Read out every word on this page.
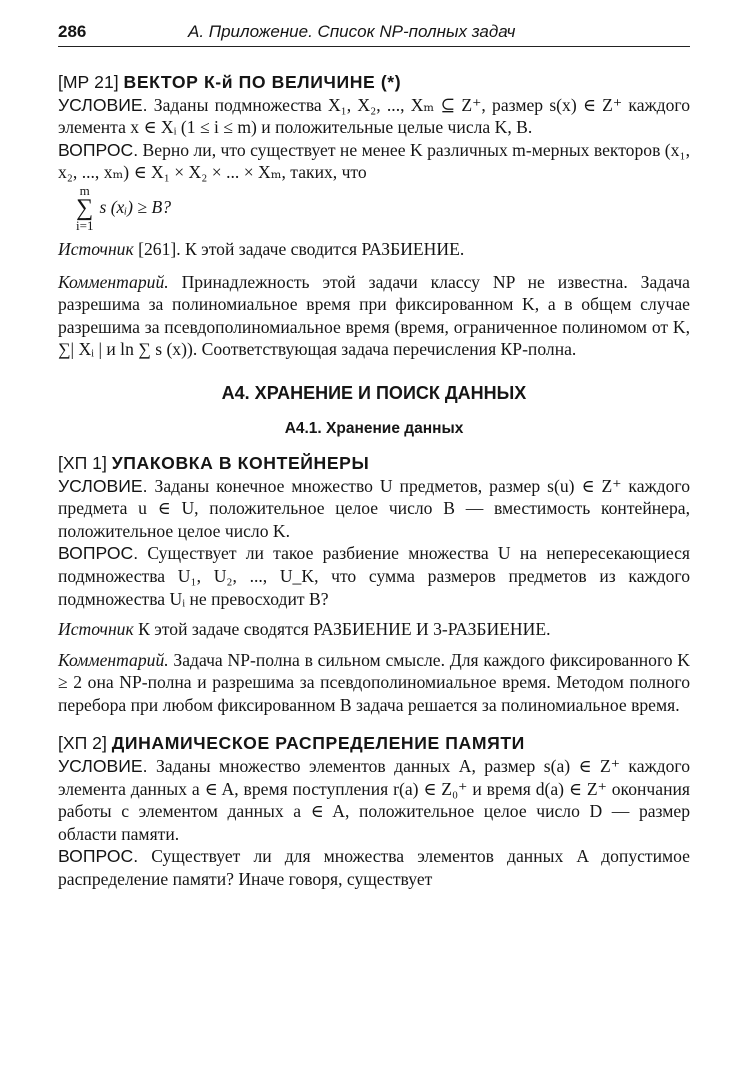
286	А. Приложение. Список NP-полных задач
[МР 21] ВЕКТОР К-й ПО ВЕЛИЧИНЕ (*)

УСЛОВИЕ. Заданы подмножества X₁, X₂, ..., Xₘ ⊆ Z⁺, размер s(x) ∈ Z⁺ каждого элемента x ∈ Xᵢ (1 ≤ i ≤ m) и положительные целые числа K, B.

ВОПРОС. Верно ли, что существует не менее K различных m-мерных векторов (x₁, x₂, ..., xₘ) ∈ X₁ × X₂ × ... × Xₘ, таких, что

m
∑
i=1
s (xᵢ) ≥ B?

Источник [261]. К этой задаче сводится РАЗБИЕНИЕ.

Комментарий. Принадлежность этой задачи классу NP не известна. Задача разрешима за полиномиальное время при фиксированном K, а в общем случае разрешима за псевдополиномиальное время (время, ограниченное полиномом от K, ∑| Xᵢ | и ln ∑ s (x)). Соответствующая задача перечисления КР-полна.

А4. ХРАНЕНИЕ И ПОИСК ДАННЫХ
А4.1. Хранение данных
[ХП 1] УПАКОВКА В КОНТЕЙНЕРЫ

УСЛОВИЕ. Заданы конечное множество U предметов, размер s(u) ∈ Z⁺ каждого предмета u ∈ U, положительное целое число B — вместимость контейнера, положительное целое число K.

ВОПРОС. Существует ли такое разбиение множества U на непересекающиеся подмножества U₁, U₂, ..., U_K, что сумма размеров предметов из каждого подмножества Uᵢ не превосходит B?

Источник К этой задаче сводятся РАЗБИЕНИЕ И 3-РАЗБИЕНИЕ.

Комментарий. Задача NP-полна в сильном смысле. Для каждого фиксированного K ≥ 2 она NP-полна и разрешима за псевдополиномиальное время. Методом полного перебора при любом фиксированном B задача решается за полиномиальное время.

[ХП 2] ДИНАМИЧЕСКОЕ РАСПРЕДЕЛЕНИЕ ПАМЯТИ

УСЛОВИЕ. Заданы множество элементов данных A, размер s(a) ∈ Z⁺ каждого элемента данных a ∈ A, время поступления r(a) ∈ Z₀⁺ и время d(a) ∈ Z⁺ окончания работы с элементом данных a ∈ A, положительное целое число D — размер области памяти.

ВОПРОС. Существует ли для множества элементов данных A допустимое распределение памяти? Иначе говоря, существует
